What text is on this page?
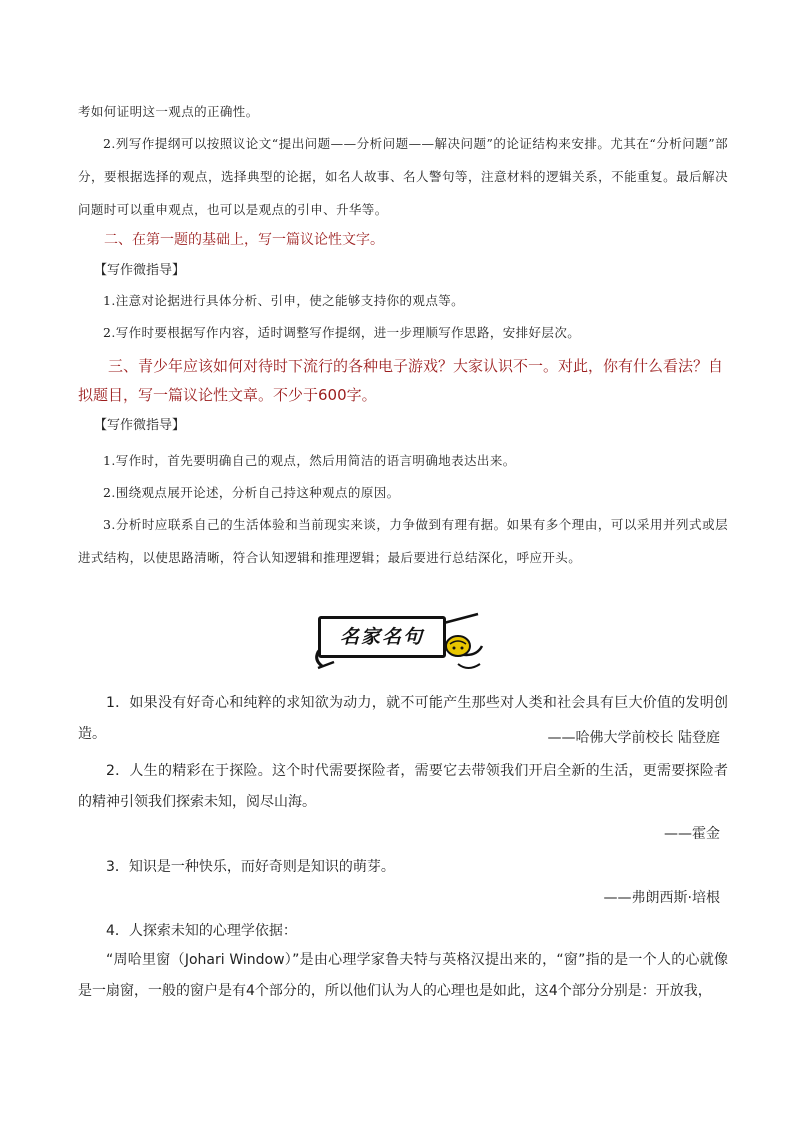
考如何证明这一观点的正确性。

2.列写作提纲可以按照议论文“提出问题——分析问题——解决问题”的论证结构来安排。尤其在“分析问题”部分，要根据选择的观点，选择典型的论据，如名人故事、名人警句等，注意材料的逻辑关系，不能重复。最后解决问题时可以重申观点，也可以是观点的引申、升华等。

二、在第一题的基础上，写一篇议论性文字。

【写作微指导】

1.注意对论据进行具体分析、引申，使之能够支持你的观点等。

2.写作时要根据写作内容，适时调整写作提纲，进一步理顺写作思路，安排好层次。

三、青少年应该如何对待时下流行的各种电子游戏？大家认识不一。对此，你有什么看法？自拟题目，写一篇议论性文章。不少于600字。

【写作微指导】

1.写作时，首先要明确自己的观点，然后用简洁的语言明确地表达出来。

2.围绕观点展开论述，分析自己持这种观点的原因。

3.分析时应联系自己的生活体验和当前现实来谈，力争做到有理有据。如果有多个理由，可以采用并列式或层进式结构，以使思路清晰，符合认知逻辑和推理逻辑；最后要进行总结深化，呼应开头。

名家名句

1．如果没有好奇心和纯粹的求知欲为动力，就不可能产生那些对人类和社会具有巨大价值的发明创造。	——哈佛大学前校长 陆登庭

2．人生的精彩在于探险。这个时代需要探险者，需要它去带领我们开启全新的生活，更需要探险者的精神引领我们探索未知，阅尽山海。

——霍金

3．知识是一种快乐，而好奇则是知识的萌芽。

——弗朗西斯·培根

4．人探索未知的心理学依据：

“周哈里窗（Johari Window）”是由心理学家鲁夫特与英格汉提出来的，“窗”指的是一个人的心就像是一扇窗，一般的窗户是有4个部分的，所以他们认为人的心理也是如此，这4个部分分别是：开放我，
